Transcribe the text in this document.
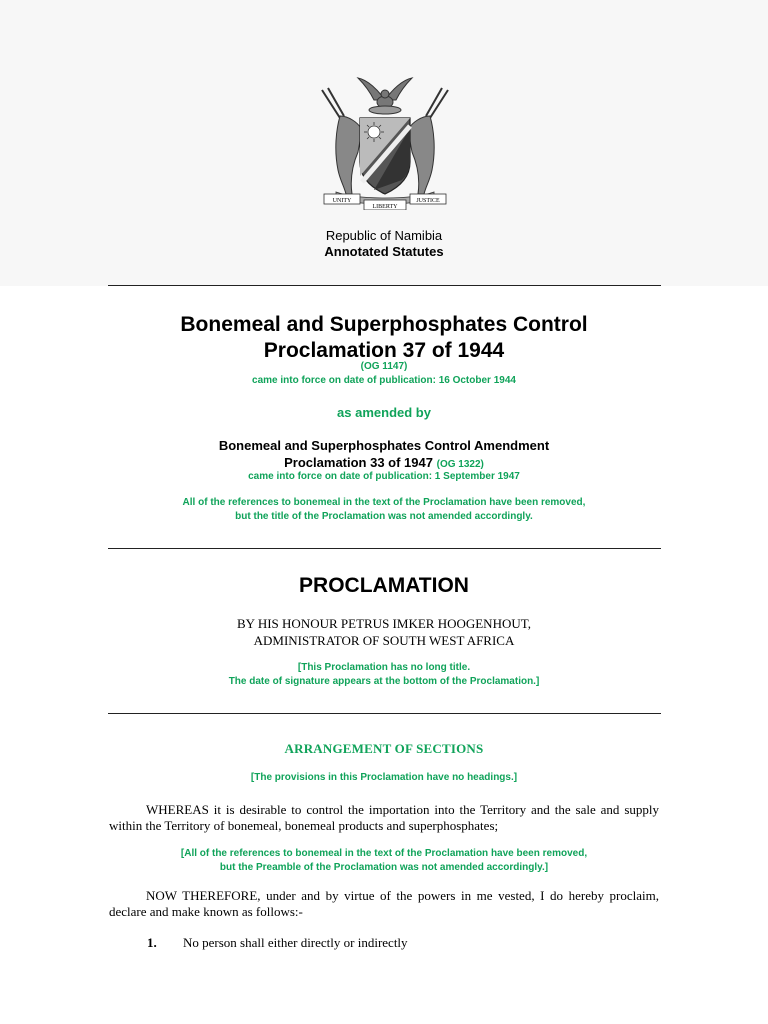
UNITY
LIBERTY
JUSTICE
Republic of Namibia
Annotated Statutes
Bonemeal and Superphosphates Control
Proclamation 37 of 1944
(OG 1147)
came into force on date of publication: 16 October 1944
as amended by
Bonemeal and Superphosphates Control Amendment
Proclamation 33 of 1947 (OG 1322)
came into force on date of publication: 1 September 1947
All of the references to bonemeal in the text of the Proclamation have been removed,
but the title of the Proclamation was not amended accordingly.
PROCLAMATION
BY HIS HONOUR PETRUS IMKER HOOGENHOUT,
ADMINISTRATOR OF SOUTH WEST AFRICA
[This Proclamation has no long title.
The date of signature appears at the bottom of the Proclamation.]
ARRANGEMENT OF SECTIONS
[The provisions in this Proclamation have no headings.]
WHEREAS it is desirable to control the importation into the Territory and the sale and supply within the Territory of bonemeal, bonemeal products and superphosphates;
[All of the references to bonemeal in the text of the Proclamation have been removed,
but the Preamble of the Proclamation was not amended accordingly.]
NOW THEREFORE, under and by virtue of the powers in me vested, I do hereby proclaim, declare and make known as follows:-
1. No person shall either directly or indirectly
